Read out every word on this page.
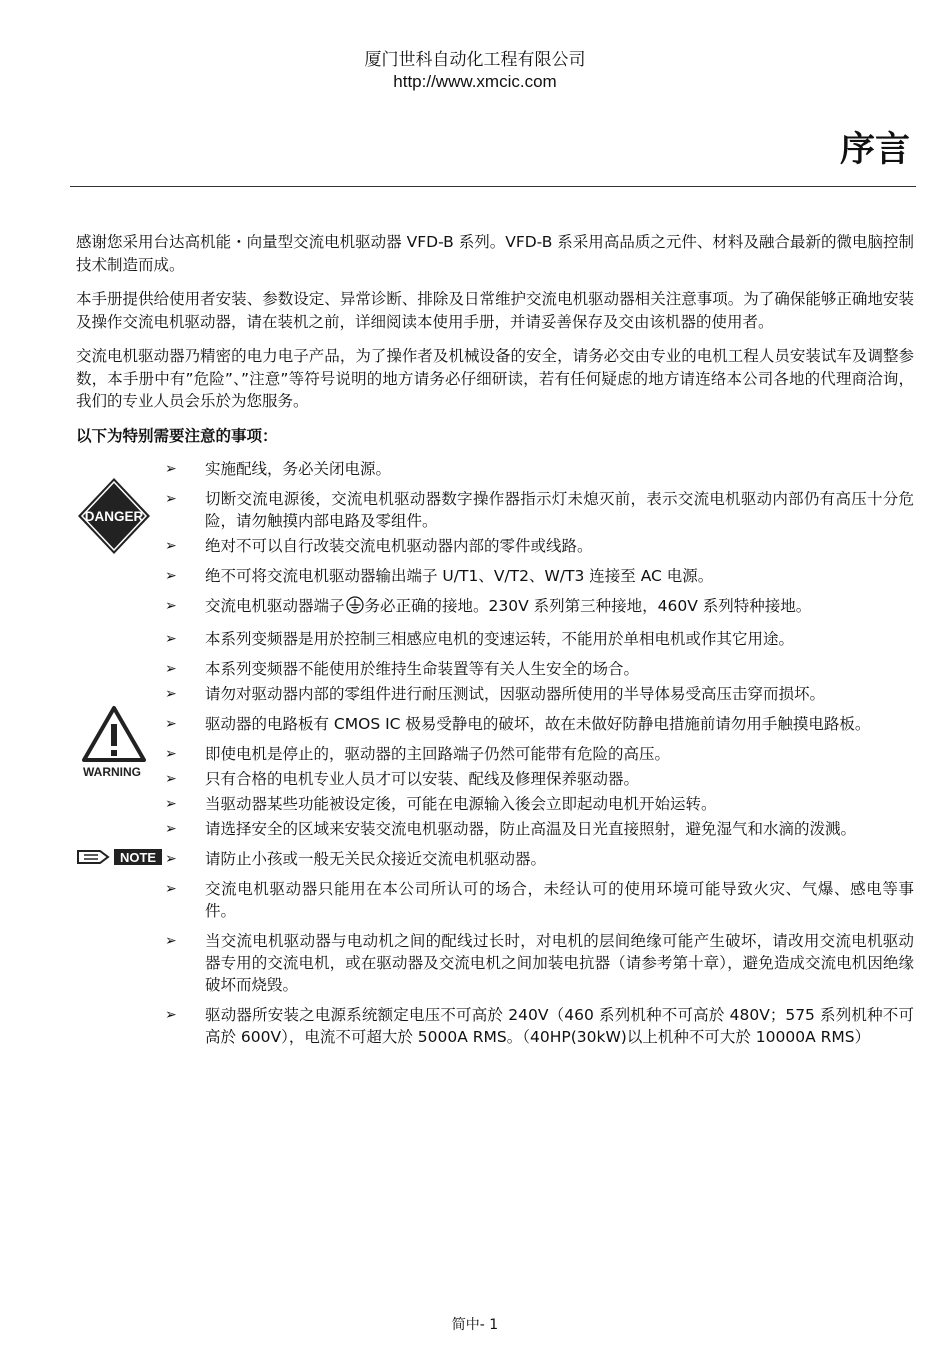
厦门世科自动化工程有限公司
http://www.xmcic.com
序言

感谢您采用台达高机能・向量型交流电机驱动器 VFD-B 系列。VFD-B 系采用高品质之元件、材料及融合最新的微电脑控制技术制造而成。

本手册提供给使用者安装、参数设定、异常诊断、排除及日常维护交流电机驱动器相关注意事项。为了确保能够正确地安装及操作交流电机驱动器，请在装机之前，详细阅读本使用手册，并请妥善保存及交由该机器的使用者。

交流电机驱动器乃精密的电力电子产品，为了操作者及机械设备的安全，请务必交由专业的电机工程人员安装试车及调整参数，本手册中有”危险”、”注意”等符号说明的地方请务必仔细研读，若有任何疑虑的地方请连络本公司各地的代理商洽询，我们的专业人员会乐於为您服务。

以下为特别需要注意的事项：
DANGER
WARNING
NOTE
➢ 实施配线，务必关闭电源。
➢ 切断交流电源後，交流电机驱动器数字操作器指示灯未熄灭前，表示交流电机驱动内部仍有高压十分危险，请勿触摸内部电路及零组件。
➢ 绝对不可以自行改装交流电机驱动器内部的零件或线路。
➢ 绝不可将交流电机驱动器输出端子 U/T1、V/T2、W/T3 连接至 AC 电源。
➢ 交流电机驱动器端子 务必正确的接地。230V 系列第三种接地，460V 系列特种接地。
➢ 本系列变频器是用於控制三相感应电机的变速运转，不能用於单相电机或作其它用途。
➢ 本系列变频器不能使用於维持生命装置等有关人生安全的场合。
➢ 请勿对驱动器内部的零组件进行耐压测试，因驱动器所使用的半导体易受高压击穿而损坏。
➢ 驱动器的电路板有 CMOS IC 极易受静电的破坏，故在未做好防静电措施前请勿用手触摸电路板。
➢ 即使电机是停止的，驱动器的主回路端子仍然可能带有危险的高压。
➢ 只有合格的电机专业人员才可以安装、配线及修理保养驱动器。
➢ 当驱动器某些功能被设定後，可能在电源输入後会立即起动电机开始运转。
➢ 请选择安全的区域来安装交流电机驱动器，防止高温及日光直接照射，避免湿气和水滴的泼溅。
➢ 请防止小孩或一般无关民众接近交流电机驱动器。
➢ 交流电机驱动器只能用在本公司所认可的场合，未经认可的使用环境可能导致火灾、气爆、感电等事件。
➢ 当交流电机驱动器与电动机之间的配线过长时，对电机的层间绝缘可能产生破坏，请改用交流电机驱动器专用的交流电机，或在驱动器及交流电机之间加装电抗器（请参考第十章），避免造成交流电机因绝缘破坏而烧毁。
➢ 驱动器所安装之电源系统额定电压不可高於 240V（460 系列机种不可高於 480V；575 系列机种不可高於 600V），电流不可超大於 5000A RMS。（40HP(30kW)以上机种不可大於 10000A RMS）
简中- 1
